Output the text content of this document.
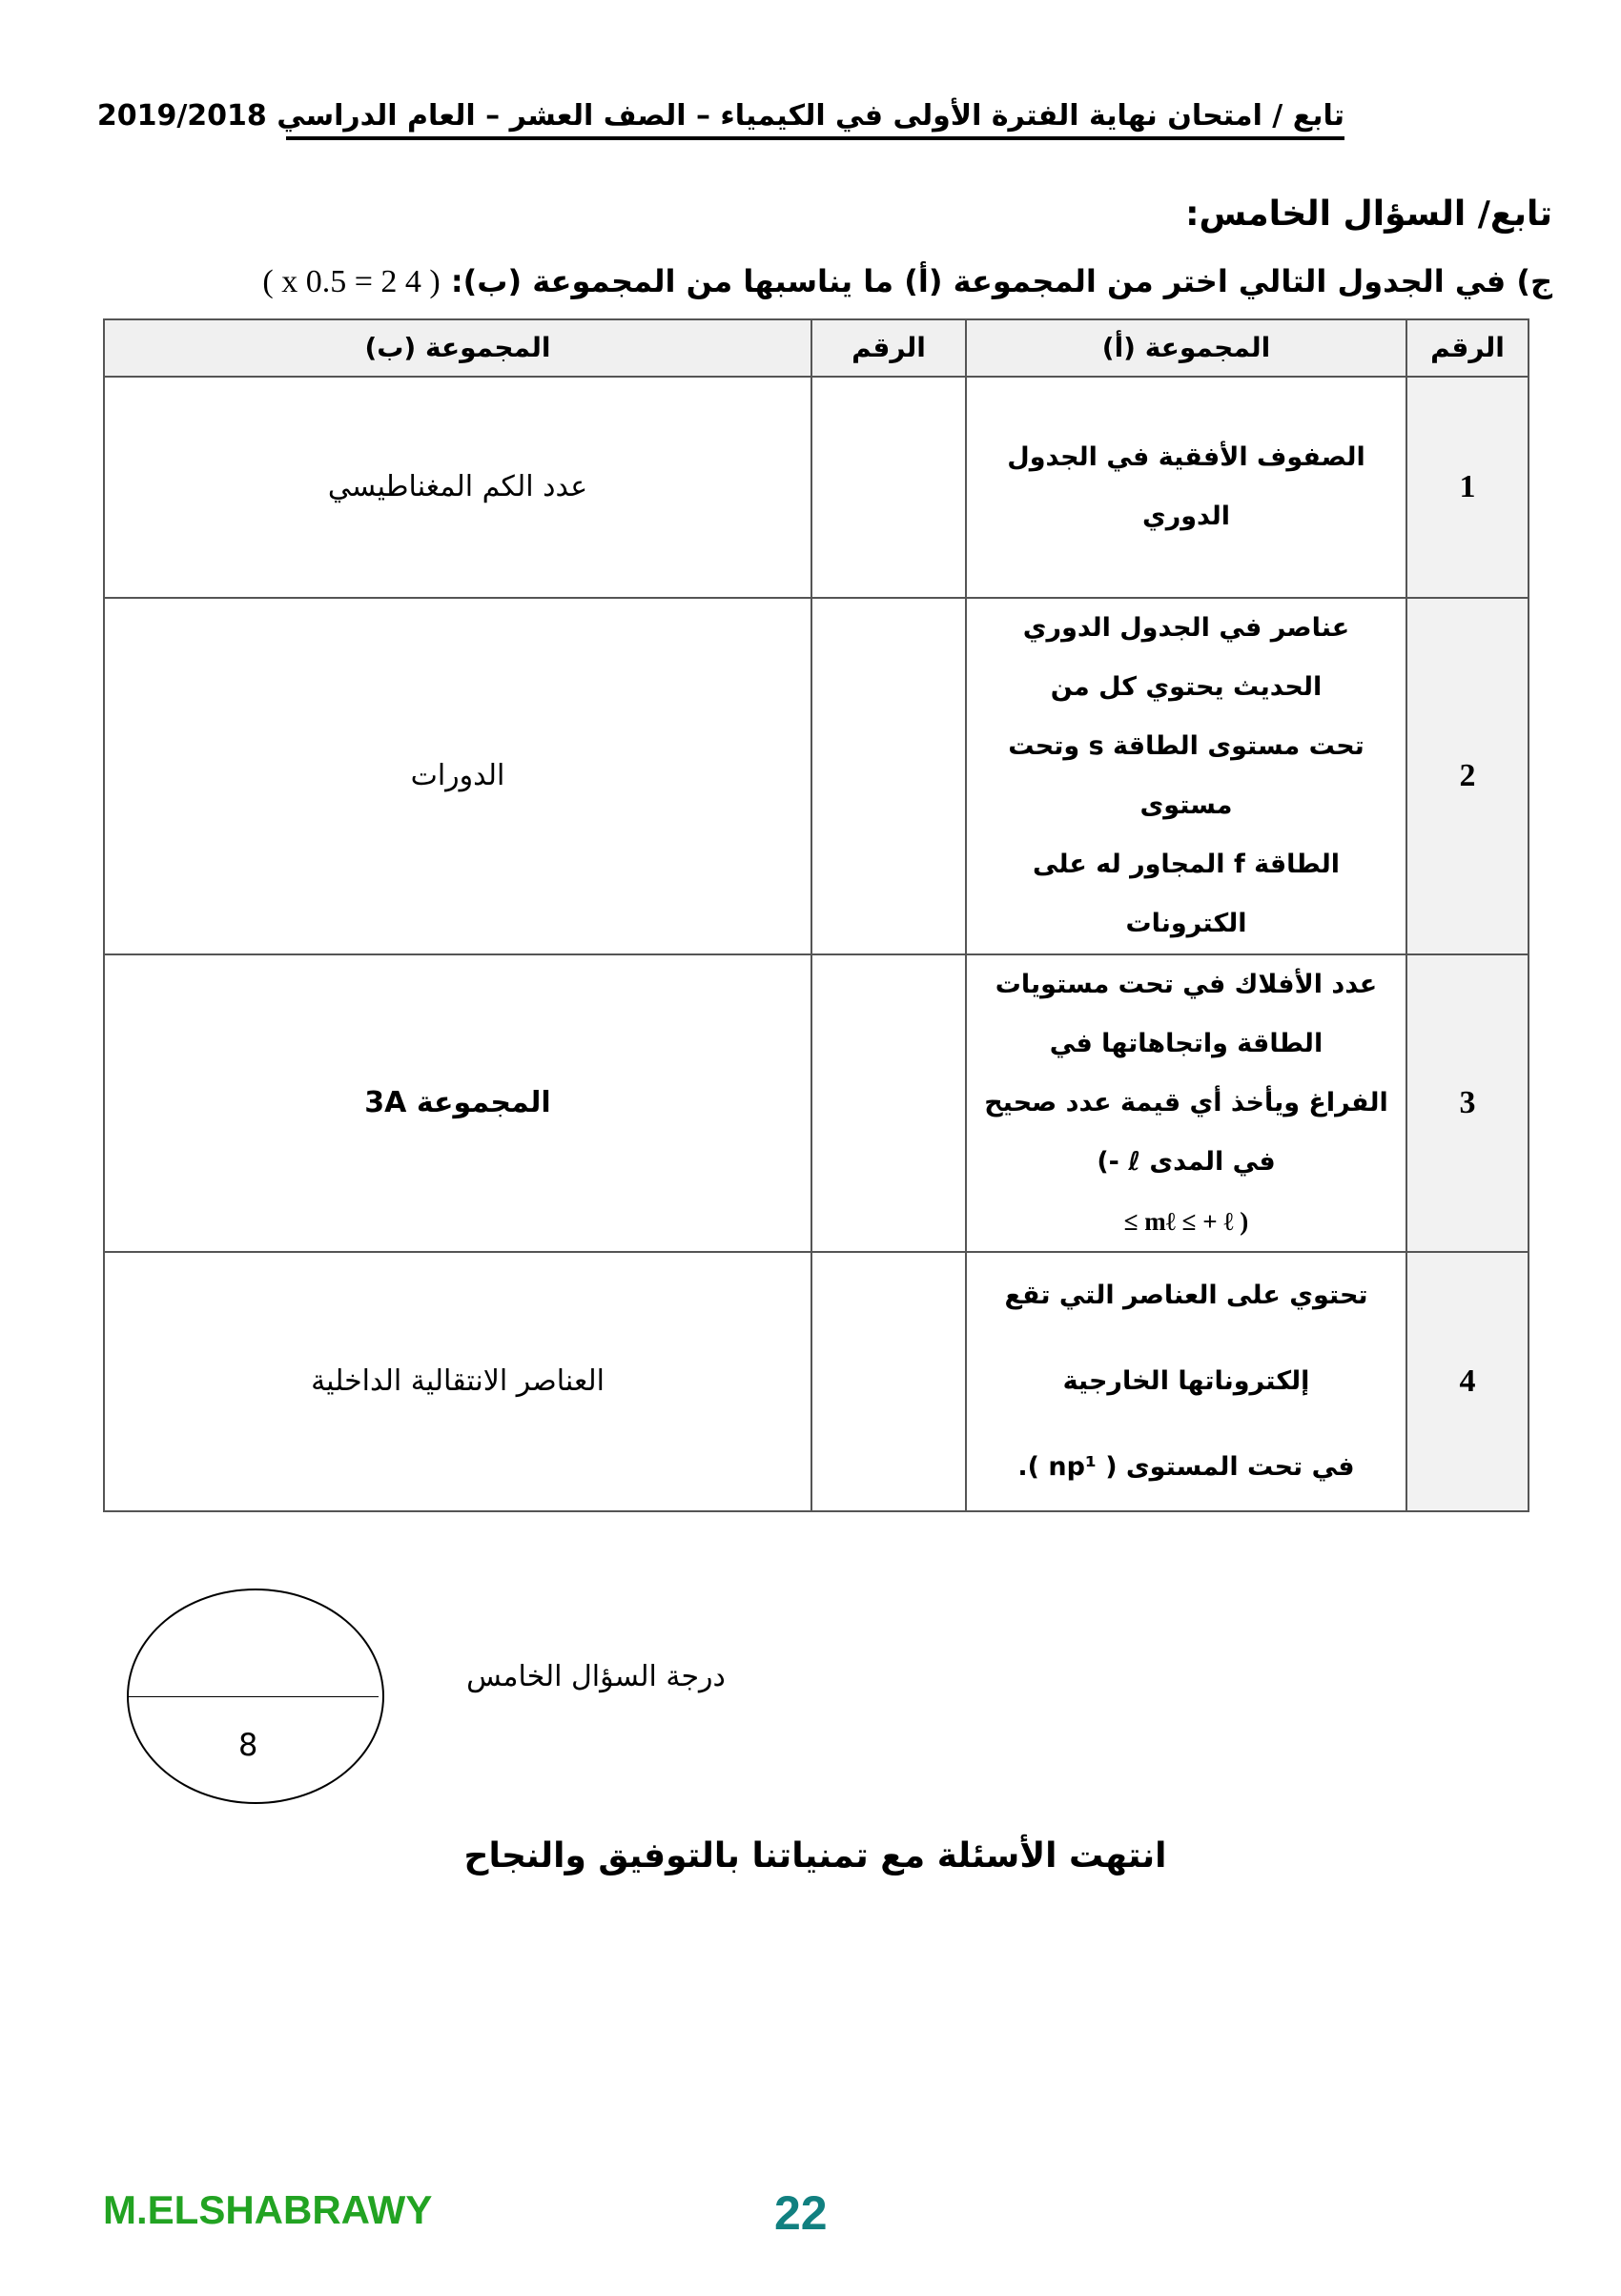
تابع / امتحان نهاية الفترة الأولى في الكيمياء – الصف العشر – العام الدراسي 2019/2018
تابع/ السؤال الخامس:
ج) في الجدول التالي اختر من المجموعة (أ) ما يناسبها من المجموعة (ب): ( 4 x 0.5 = 2 )
الرقم	المجموعة (أ)	الرقم	المجموعة (ب)
1	الصفوف الأفقية في الجدول الدوري		عدد الكم المغناطيسي
2	عناصر في الجدول الدوري الحديث يحتوي كل من
تحت مستوى الطاقة s وتحت مستوى
الطاقة f المجاور له على الكترونات		الدورات
3	عدد الأفلاك في تحت مستويات الطاقة واتجاهاتها في
الفراغ ويأخذ أي قيمة عدد صحيح في المدى ℓ -)
≤ mℓ ≤ + ℓ )		المجموعة 3A
4	تحتوي على العناصر التي تقع إلكتروناتها الخارجية
في تحت المستوى ( np¹ ).		العناصر الانتقالية الداخلية
8
درجة السؤال الخامس
انتهت الأسئلة مع تمنياتنا بالتوفيق والنجاح
M.ELSHABRAWY	22
